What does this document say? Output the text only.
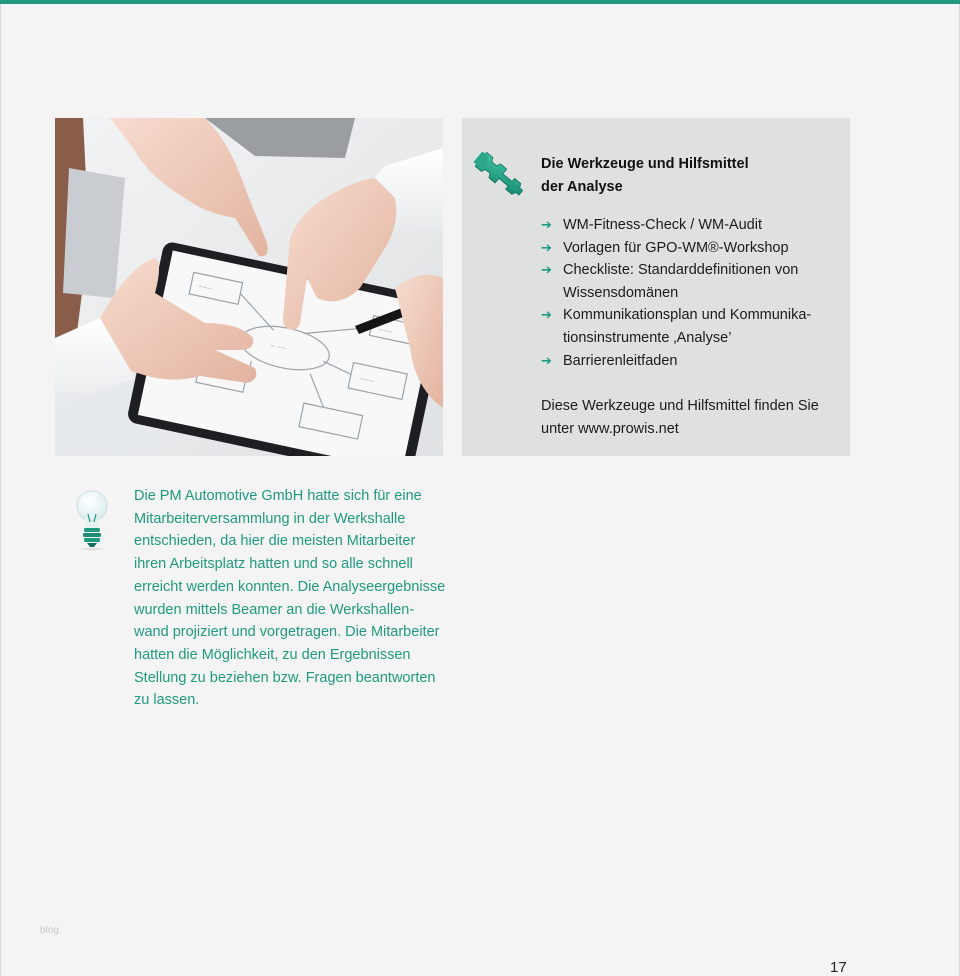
~~~
~~~
~ ~~
~~~
Die Werkzeuge und Hilfsmittel
der Analyse
➔ WM-Fitness-Check / WM-Audit
➔ Vorlagen für GPO-WM®-Workshop
➔ Checkliste: Standarddefinitionen von
Wissensdomänen
➔ Kommunikationsplan und Kommunika-
tionsinstrumente ‚Analyse’
➔ Barrierenleitfaden
Diese Werkzeuge und Hilfsmittel finden Sie
unter www.prowis.net
Die PM Automotive GmbH hatte sich für eine
Mitarbeiterversammlung in der Werkshalle
entschieden, da hier die meisten Mitarbeiter
ihren Arbeitsplatz hatten und so alle schnell
erreicht werden konnten. Die Analyseergebnisse
wurden mittels Beamer an die Werkshallen-
wand projiziert und vorgetragen. Die Mitarbeiter
hatten die Möglichkeit, zu den Ergebnissen
Stellung zu beziehen bzw. Fragen beantworten
zu lassen.
blog
17
